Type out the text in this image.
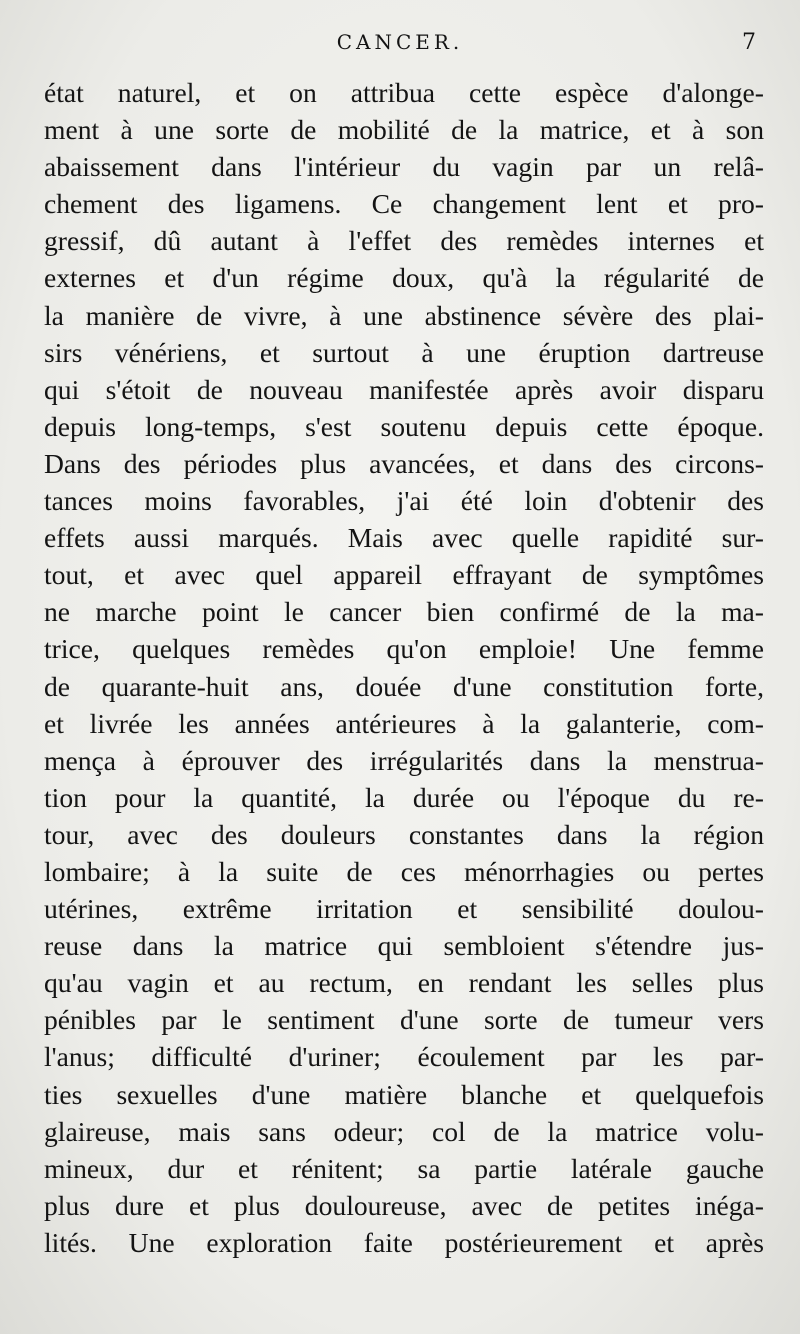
CANCER.	7
état naturel, et on attribua cette espèce d'alonge-
ment à une sorte de mobilité de la matrice, et à son
abaissement dans l'intérieur du vagin par un relâ-
chement des ligamens. Ce changement lent et pro-
gressif, dû autant à l'effet des remèdes internes et
externes et d'un régime doux, qu'à la régularité de
la manière de vivre, à une abstinence sévère des plai-
sirs vénériens, et surtout à une éruption dartreuse
qui s'étoit de nouveau manifestée après avoir disparu
depuis long-temps, s'est soutenu depuis cette époque.
Dans des périodes plus avancées, et dans des circons-
tances moins favorables, j'ai été loin d'obtenir des
effets aussi marqués. Mais avec quelle rapidité sur-
tout, et avec quel appareil effrayant de symptômes
ne marche point le cancer bien confirmé de la ma-
trice, quelques remèdes qu'on emploie! Une femme
de quarante-huit ans, douée d'une constitution forte,
et livrée les années antérieures à la galanterie, com-
mença à éprouver des irrégularités dans la menstrua-
tion pour la quantité, la durée ou l'époque du re-
tour, avec des douleurs constantes dans la région
lombaire; à la suite de ces ménorrhagies ou pertes
utérines, extrême irritation et sensibilité doulou-
reuse dans la matrice qui sembloient s'étendre jus-
qu'au vagin et au rectum, en rendant les selles plus
pénibles par le sentiment d'une sorte de tumeur vers
l'anus; difficulté d'uriner; écoulement par les par-
ties sexuelles d'une matière blanche et quelquefois
glaireuse, mais sans odeur; col de la matrice volu-
mineux, dur et rénitent; sa partie latérale gauche
plus dure et plus douloureuse, avec de petites inéga-
lités. Une exploration faite postérieurement et après
